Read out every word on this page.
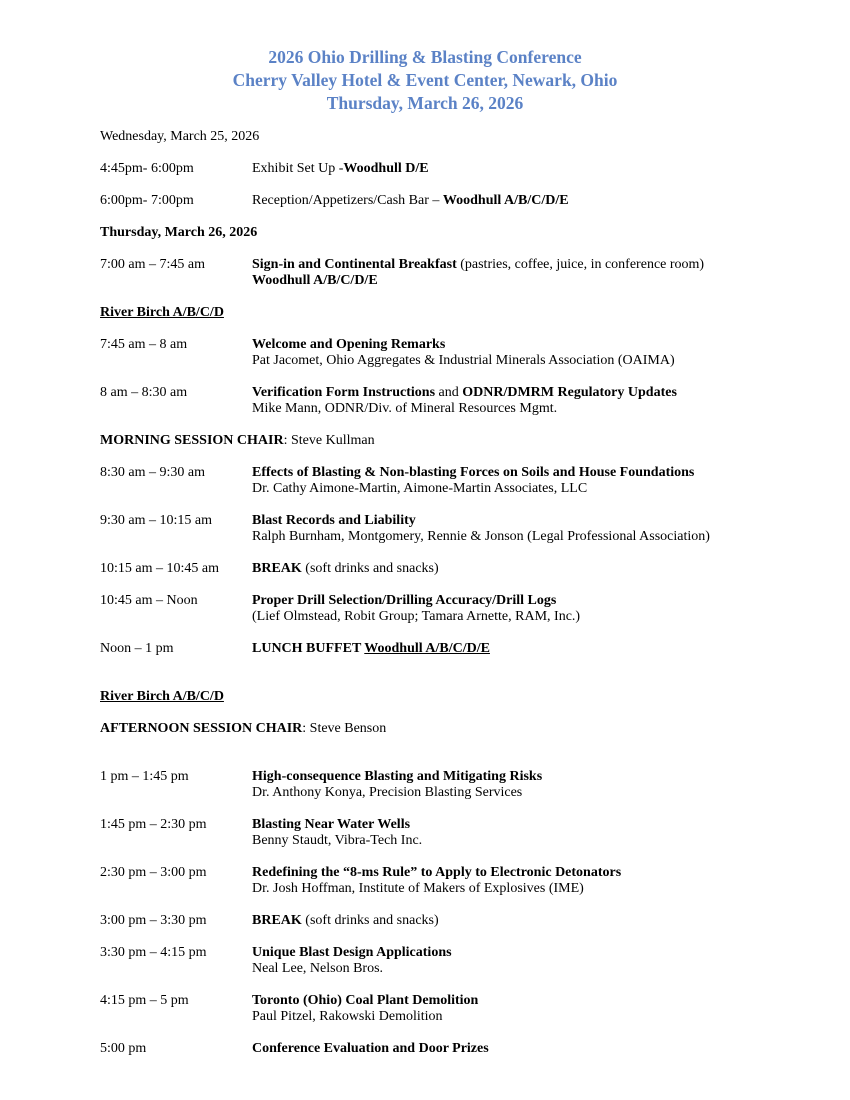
2026 Ohio Drilling & Blasting Conference
Cherry Valley Hotel & Event Center, Newark, Ohio
Thursday, March 26, 2026
Wednesday, March 25, 2026
4:45pm- 6:00pm	Exhibit Set Up -Woodhull D/E
6:00pm- 7:00pm	Reception/Appetizers/Cash Bar – Woodhull A/B/C/D/E
Thursday, March 26, 2026
7:00 am – 7:45 am	Sign-in and Continental Breakfast (pastries, coffee, juice, in conference room)
Woodhull A/B/C/D/E
River Birch A/B/C/D
7:45 am – 8 am	Welcome and Opening Remarks
Pat Jacomet, Ohio Aggregates & Industrial Minerals Association (OAIMA)
8 am – 8:30 am	Verification Form Instructions and ODNR/DMRM Regulatory Updates
Mike Mann, ODNR/Div. of Mineral Resources Mgmt.
MORNING SESSION CHAIR: Steve Kullman
8:30 am – 9:30 am	Effects of Blasting & Non-blasting Forces on Soils and House Foundations
Dr. Cathy Aimone-Martin, Aimone-Martin Associates, LLC
9:30 am – 10:15 am	Blast Records and Liability
Ralph Burnham, Montgomery, Rennie & Jonson (Legal Professional Association)
10:15 am – 10:45 am	BREAK (soft drinks and snacks)
10:45 am – Noon	Proper Drill Selection/Drilling Accuracy/Drill Logs
(Lief Olmstead, Robit Group; Tamara Arnette, RAM, Inc.)
Noon – 1 pm	LUNCH BUFFET Woodhull A/B/C/D/E
River Birch A/B/C/D
AFTERNOON SESSION CHAIR: Steve Benson
1 pm – 1:45 pm	High-consequence Blasting and Mitigating Risks
Dr. Anthony Konya, Precision Blasting Services
1:45 pm – 2:30 pm	Blasting Near Water Wells
Benny Staudt, Vibra-Tech Inc.
2:30 pm – 3:00 pm	Redefining the “8-ms Rule” to Apply to Electronic Detonators
Dr. Josh Hoffman, Institute of Makers of Explosives (IME)
3:00 pm – 3:30 pm	BREAK (soft drinks and snacks)
3:30 pm – 4:15 pm	Unique Blast Design Applications
Neal Lee, Nelson Bros.
4:15 pm – 5 pm	Toronto (Ohio) Coal Plant Demolition
Paul Pitzel, Rakowski Demolition
5:00 pm	Conference Evaluation and Door Prizes
